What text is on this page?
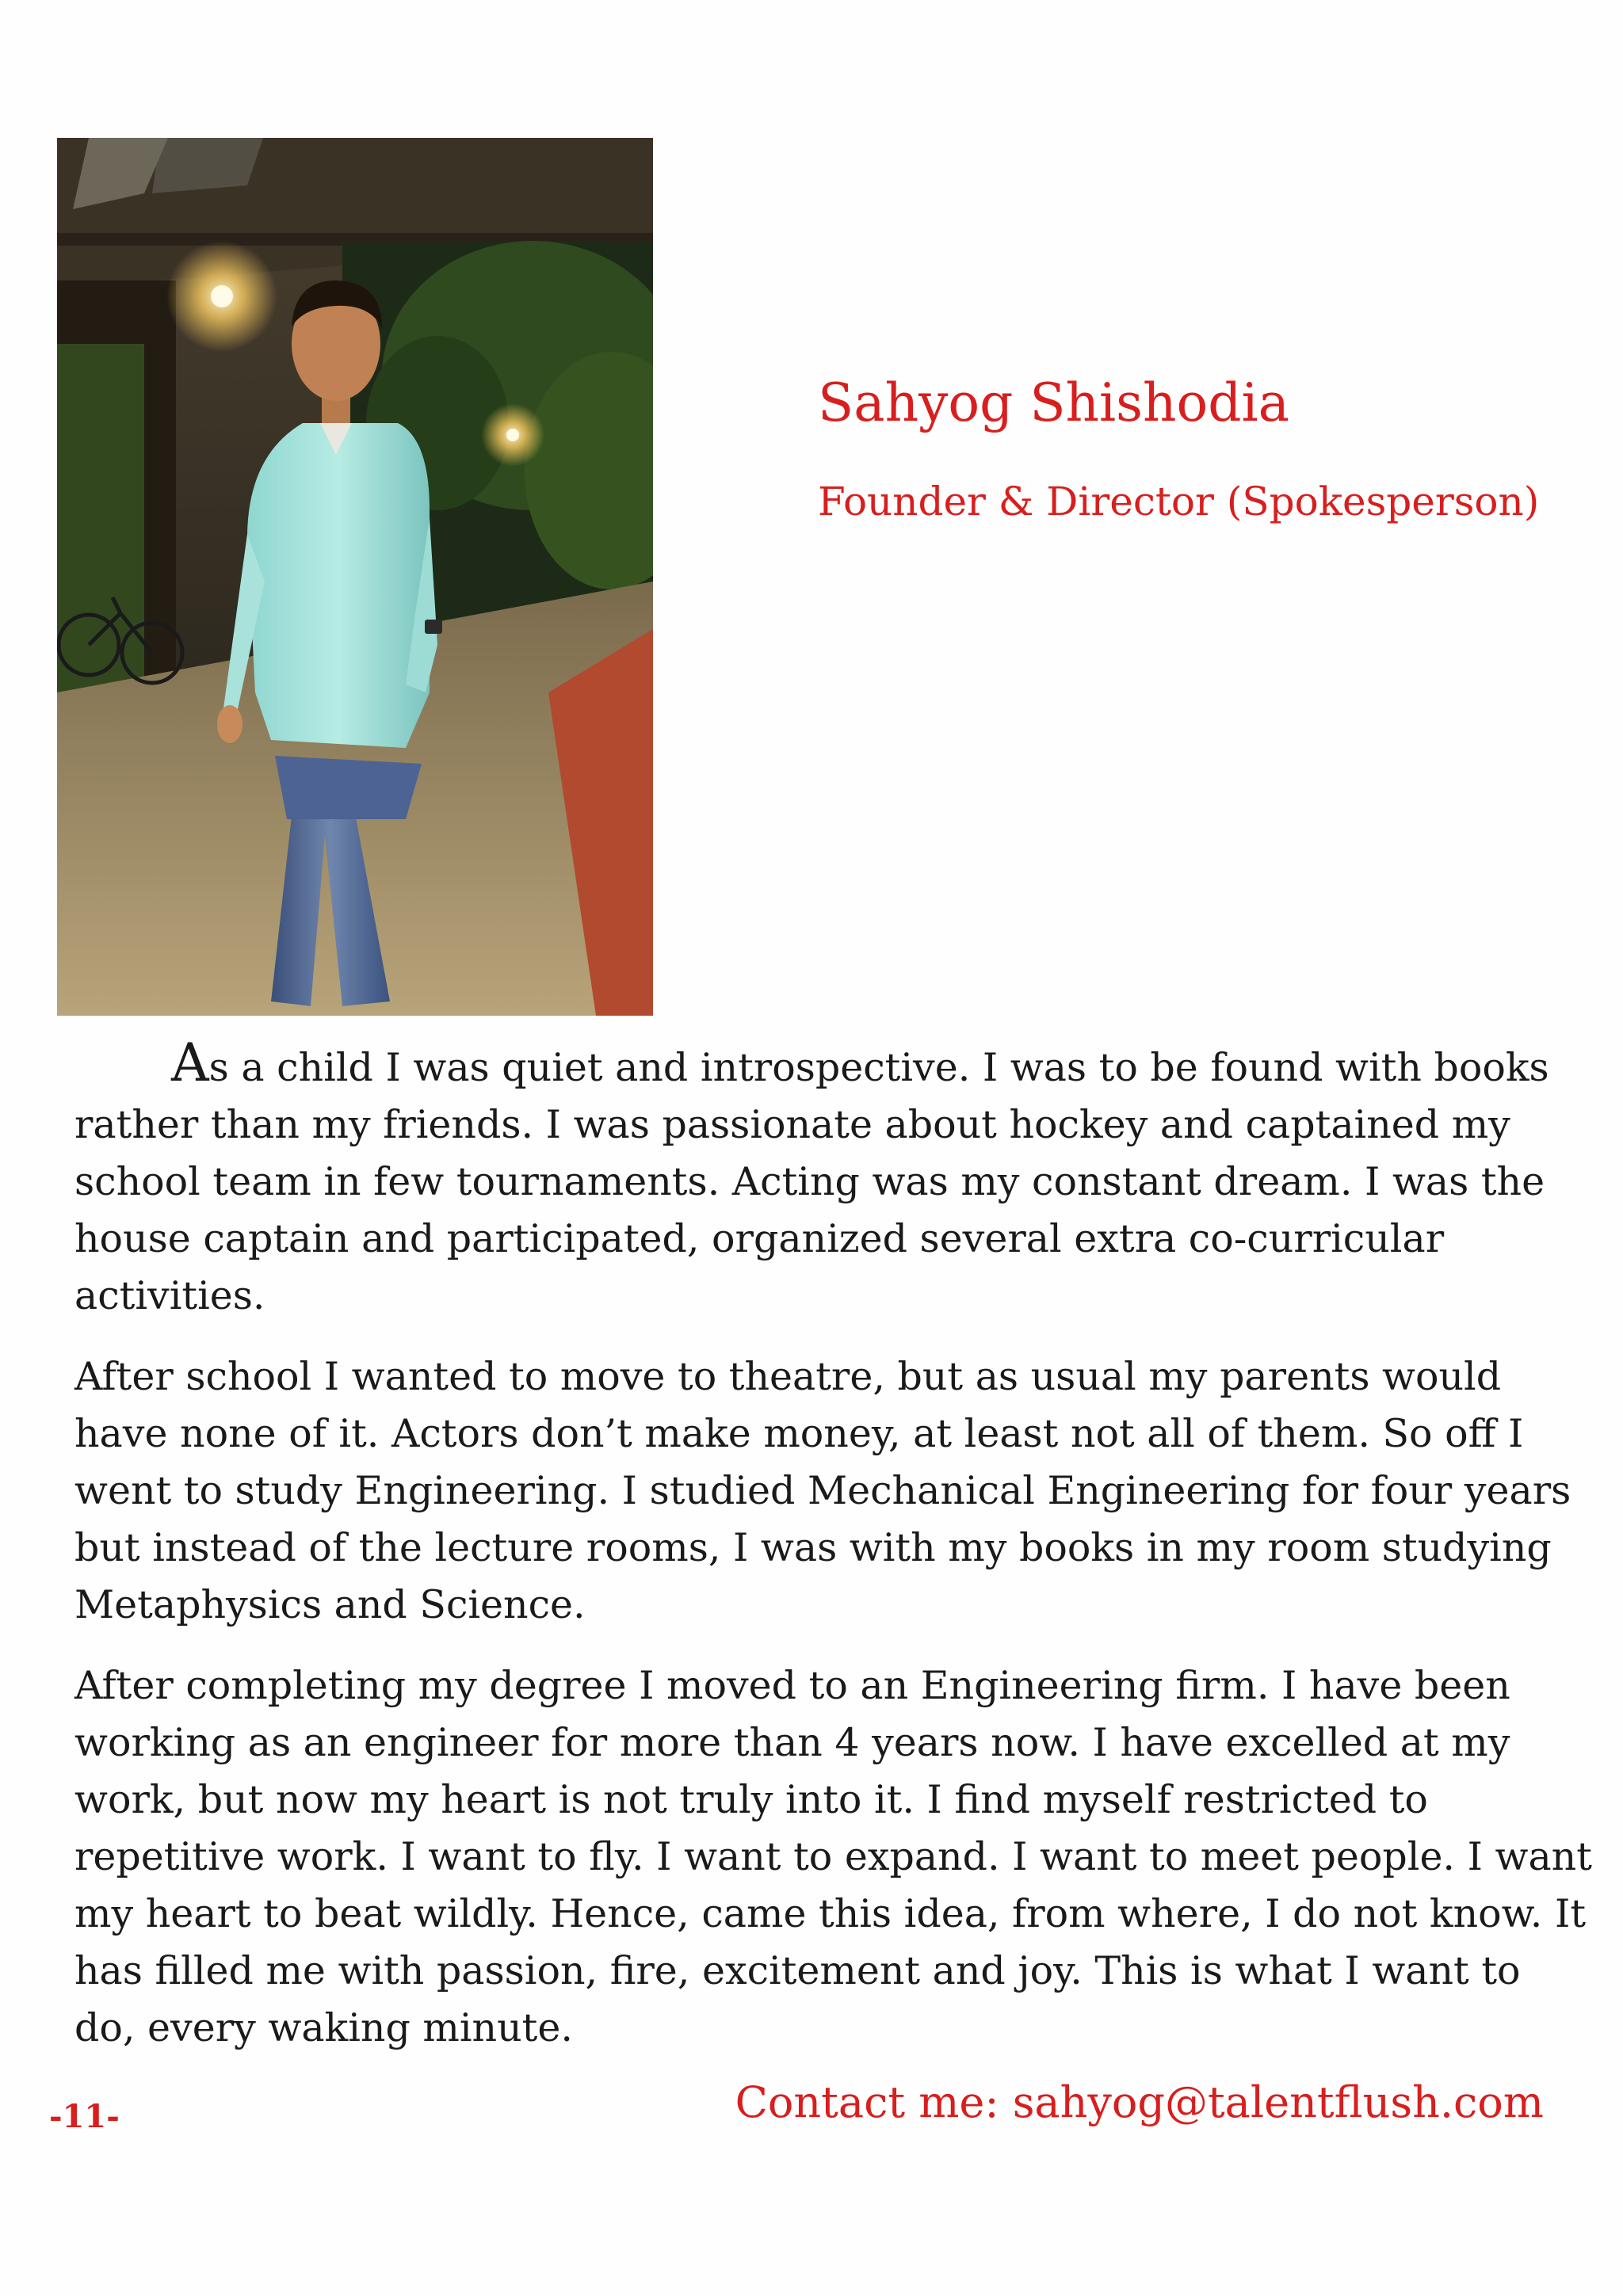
Sahyog Shishodia
Founder & Director (Spokesperson)

As a child I was quiet and introspective. I was to be found with books
rather than my friends. I was passionate about hockey and captained my
school team in few tournaments. Acting was my constant dream. I was the
house captain and participated, organized several extra co-curricular
activities.

After school I wanted to move to theatre, but as usual my parents would
have none of it. Actors don’t make money, at least not all of them. So off I
went to study Engineering. I studied Mechanical Engineering for four years
but instead of the lecture rooms, I was with my books in my room studying
Metaphysics and Science.

After completing my degree I moved to an Engineering firm. I have been
working as an engineer for more than 4 years now. I have excelled at my
work, but now my heart is not truly into it. I find myself restricted to
repetitive work. I want to fly. I want to expand. I want to meet people. I want
my heart to beat wildly. Hence, came this idea, from where, I do not know. It
has filled me with passion, fire, excitement and joy. This is what I want to
do, every waking minute.

-11-	Contact me: sahyog@talentflush.com
